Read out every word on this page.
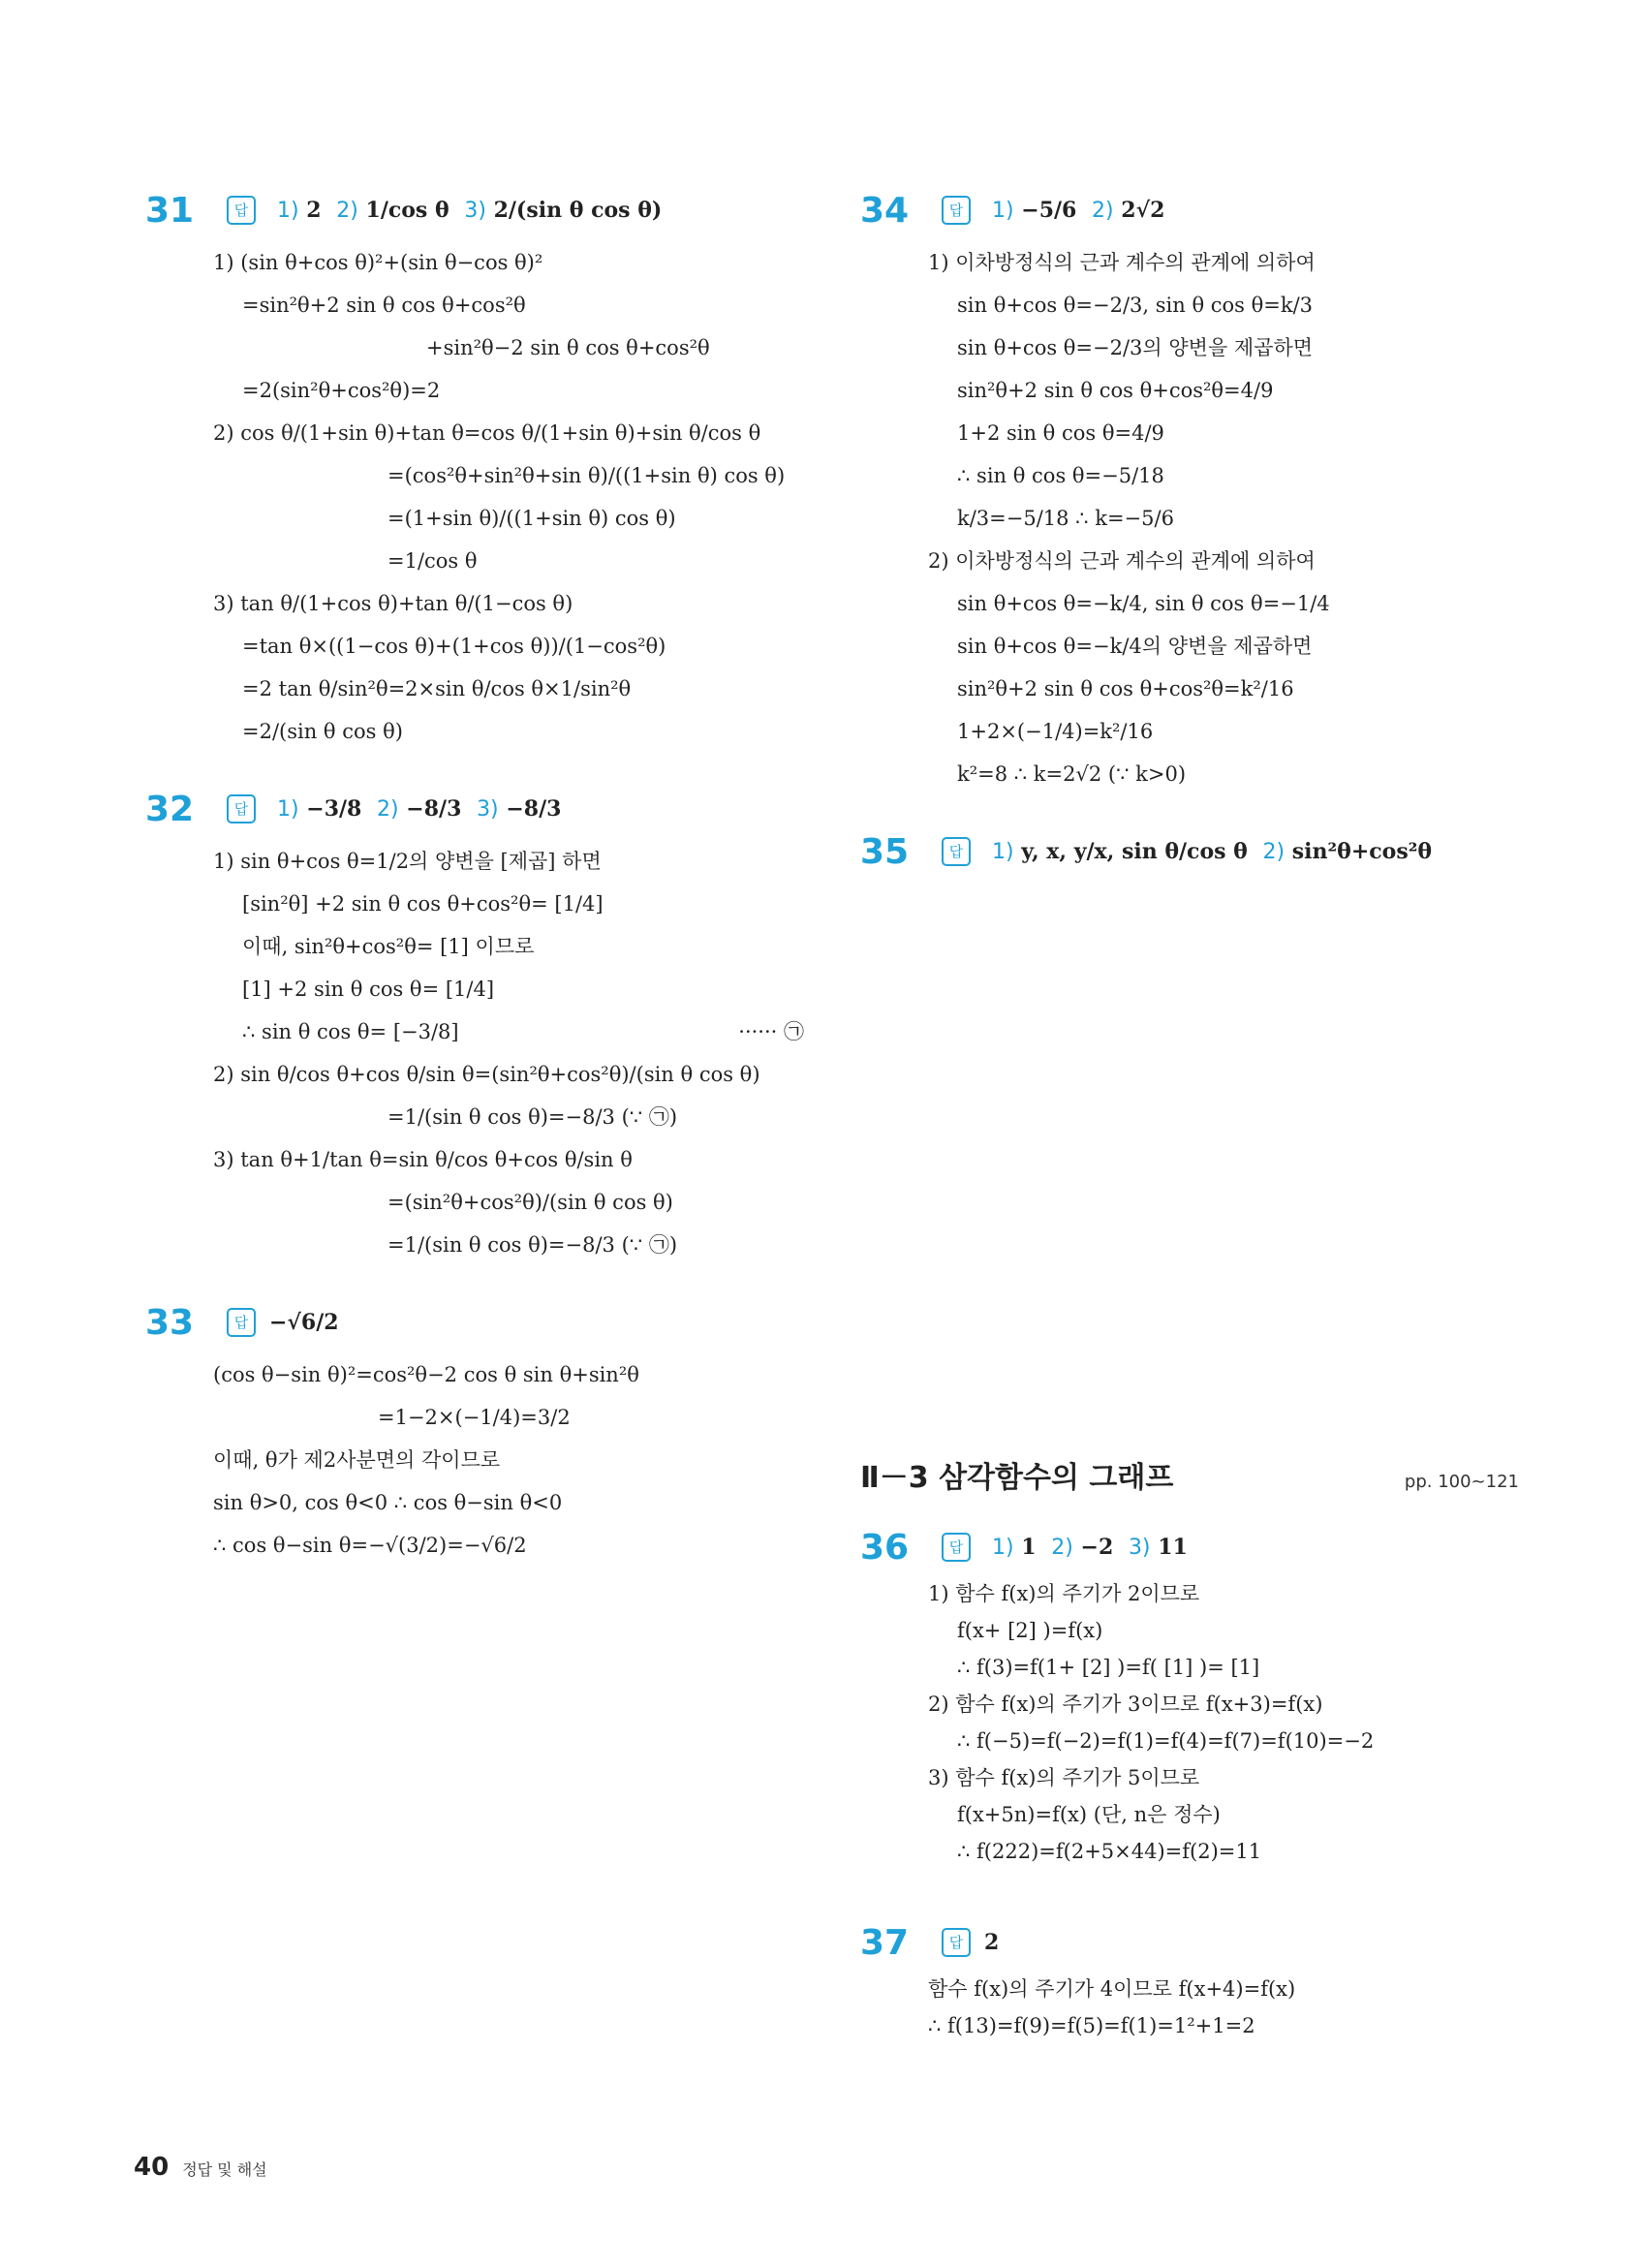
31	답	1) 2 2) 1/cos θ 3) 2/(sin θ cos θ)
1) (sin θ+cos θ)²+(sin θ−cos θ)²
=sin²θ+2 sin θ cos θ+cos²θ
+sin²θ−2 sin θ cos θ+cos²θ
=2(sin²θ+cos²θ)=2
2) cos θ/(1+sin θ)+tan θ=cos θ/(1+sin θ)+sin θ/cos θ
=(cos²θ+sin²θ+sin θ)/((1+sin θ) cos θ)
=(1+sin θ)/((1+sin θ) cos θ)
=1/cos θ
3) tan θ/(1+cos θ)+tan θ/(1−cos θ)
=tan θ×((1−cos θ)+(1+cos θ))/(1−cos²θ)
=2 tan θ/sin²θ=2×sin θ/cos θ×1/sin²θ
=2/(sin θ cos θ)
32	답	1) −3/8 2) −8/3 3) −8/3
1) sin θ+cos θ=1/2의 양변을 [제곱] 하면
[sin²θ] +2 sin θ cos θ+cos²θ= [1/4]
이때, sin²θ+cos²θ= [1] 이므로
[1] +2 sin θ cos θ= [1/4]
∴ sin θ cos θ= [−3/8]	······ ㉠
2) sin θ/cos θ+cos θ/sin θ=(sin²θ+cos²θ)/(sin θ cos θ)
=1/(sin θ cos θ)=−8/3 (∵ ㉠)
3) tan θ+1/tan θ=sin θ/cos θ+cos θ/sin θ
=(sin²θ+cos²θ)/(sin θ cos θ)
=1/(sin θ cos θ)=−8/3 (∵ ㉠)
33	답 −√6/2
(cos θ−sin θ)²=cos²θ−2 cos θ sin θ+sin²θ
=1−2×(−1/4)=3/2
이때, θ가 제2사분면의 각이므로
sin θ>0, cos θ<0 ∴ cos θ−sin θ<0
∴ cos θ−sin θ=−√(3/2)=−√6/2
34	답	1) −5/6 2) 2√2
1) 이차방정식의 근과 계수의 관계에 의하여
sin θ+cos θ=−2/3, sin θ cos θ=k/3
sin θ+cos θ=−2/3의 양변을 제곱하면
sin²θ+2 sin θ cos θ+cos²θ=4/9
1+2 sin θ cos θ=4/9
∴ sin θ cos θ=−5/18
k/3=−5/18 ∴ k=−5/6
2) 이차방정식의 근과 계수의 관계에 의하여
sin θ+cos θ=−k/4, sin θ cos θ=−1/4
sin θ+cos θ=−k/4의 양변을 제곱하면
sin²θ+2 sin θ cos θ+cos²θ=k²/16
1+2×(−1/4)=k²/16
k²=8 ∴ k=2√2 (∵ k>0)
35	답	1) y, x, y/x, sin θ/cos θ 2) sin²θ+cos²θ
Ⅱ－3 삼각함수의 그래프	pp. 100~121
36	답	1) 1 2) −2 3) 11
1) 함수 f(x)의 주기가 2이므로
f(x+ [2] )=f(x)
∴ f(3)=f(1+ [2] )=f( [1] )= [1]
2) 함수 f(x)의 주기가 3이므로 f(x+3)=f(x)
∴ f(−5)=f(−2)=f(1)=f(4)=f(7)=f(10)=−2
3) 함수 f(x)의 주기가 5이므로
f(x+5n)=f(x) (단, n은 정수)
∴ f(222)=f(2+5×44)=f(2)=11
37	답 2
함수 f(x)의 주기가 4이므로 f(x+4)=f(x)
∴ f(13)=f(9)=f(5)=f(1)=1²+1=2
40 정답 및 해설
